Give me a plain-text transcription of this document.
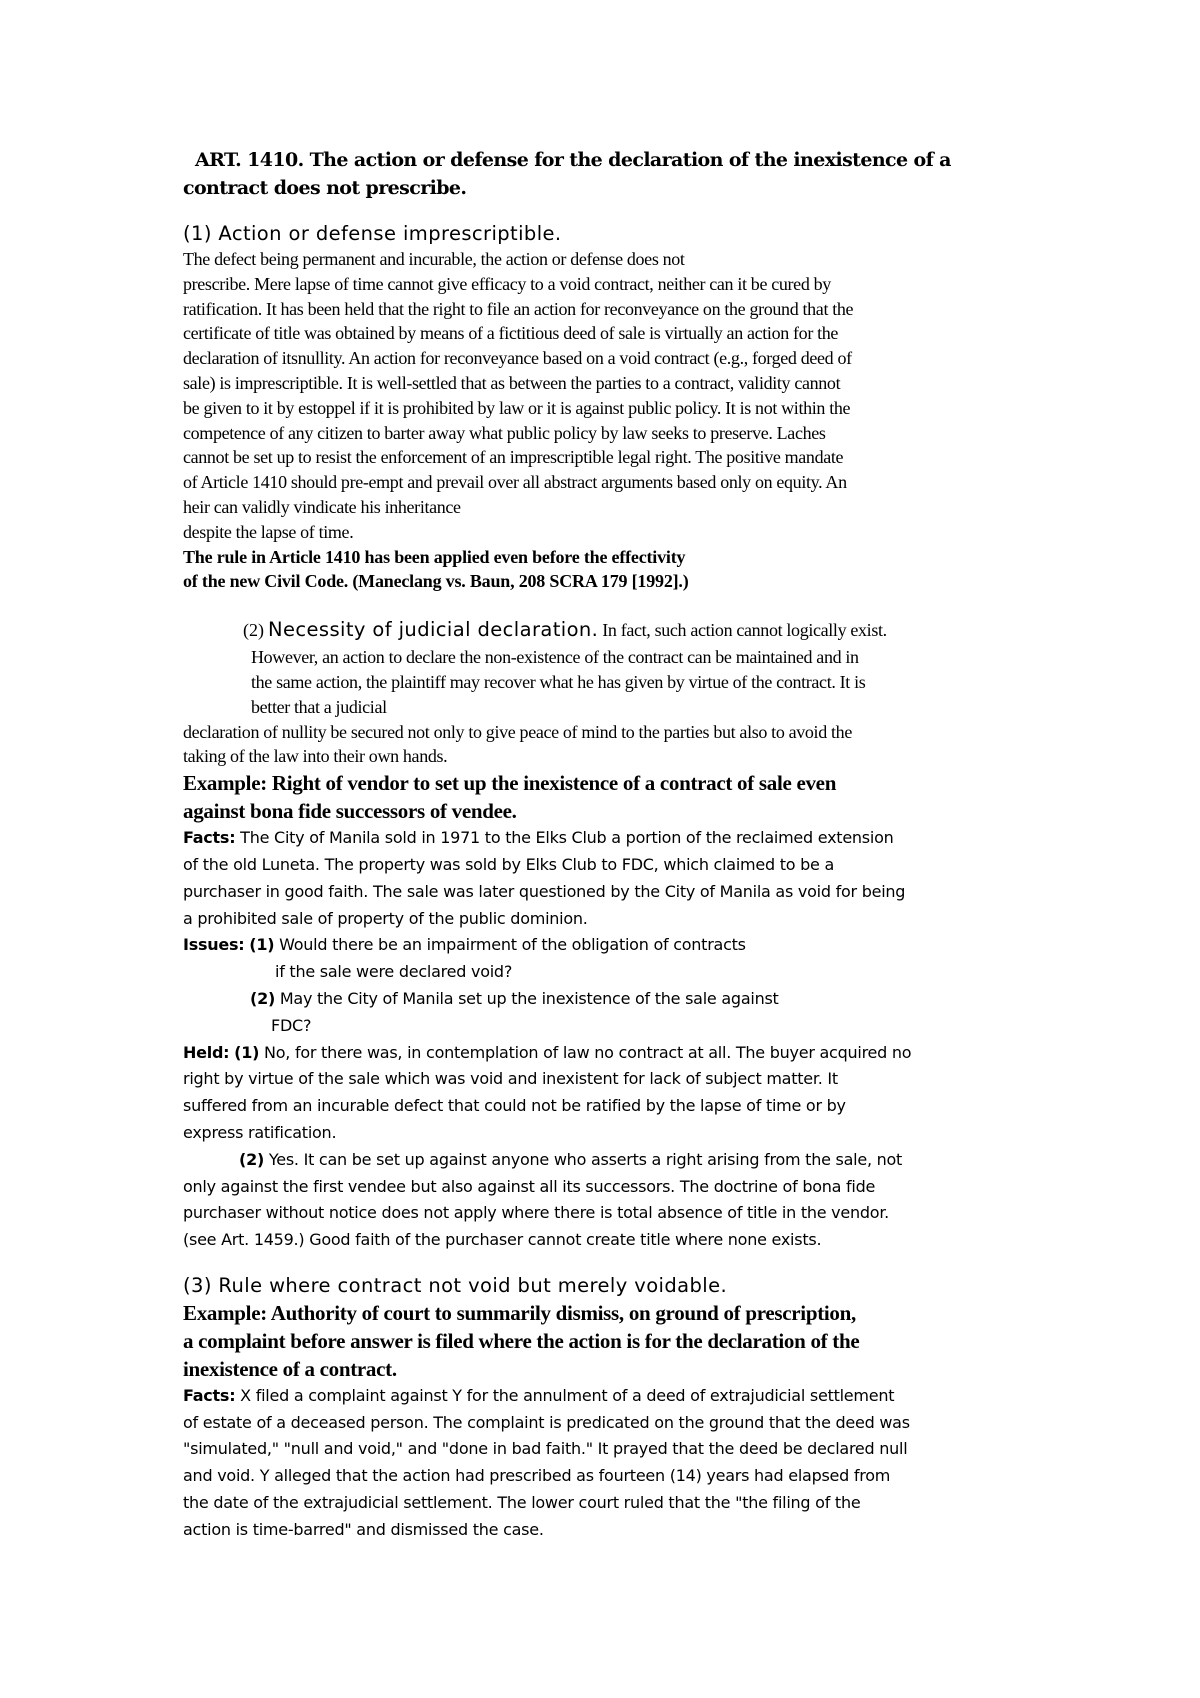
ART. 1410. The action or defense for the declaration of the inexistence of a
contract does not prescribe.
(1) Action or defense imprescriptible.
The defect being permanent and incurable, the action or defense does not
prescribe. Mere lapse of time cannot give efficacy to a void contract, neither can it be cured by
ratification. It has been held that the right to file an action for reconveyance on the ground that the
certificate of title was obtained by means of a fictitious deed of sale is virtually an action for the
declaration of itsnullity. An action for reconveyance based on a void contract (e.g., forged deed of
sale) is imprescriptible. It is well-settled that as between the parties to a contract, validity cannot
be given to it by estoppel if it is prohibited by law or it is against public policy. It is not within the
competence of any citizen to barter away what public policy by law seeks to preserve. Laches
cannot be set up to resist the enforcement of an imprescriptible legal right. The positive mandate
of Article 1410 should pre-empt and prevail over all abstract arguments based only on equity. An
heir can validly vindicate his inheritance
despite the lapse of time.
The rule in Article 1410 has been applied even before the effectivity
of the new Civil Code. (Maneclang vs. Baun, 208 SCRA 179 [1992].)
(2) Necessity of judicial declaration. In fact, such action cannot logically exist.
However, an action to declare the non-existence of the contract can be maintained and in
the same action, the plaintiff may recover what he has given by virtue of the contract. It is
better that a judicial
declaration of nullity be secured not only to give peace of mind to the parties but also to avoid the
taking of the law into their own hands.
Example: Right of vendor to set up the inexistence of a contract of sale even
against bona fide successors of vendee.
Facts: The City of Manila sold in 1971 to the Elks Club a portion of the reclaimed extension
of the old Luneta. The property was sold by Elks Club to FDC, which claimed to be a
purchaser in good faith. The sale was later questioned by the City of Manila as void for being
a prohibited sale of property of the public dominion.
Issues: (1) Would there be an impairment of the obligation of contracts
if the sale were declared void?
(2) May the City of Manila set up the inexistence of the sale against
FDC?
Held: (1) No, for there was, in contemplation of law no contract at all. The buyer acquired no
right by virtue of the sale which was void and inexistent for lack of subject matter. It
suffered from an incurable defect that could not be ratified by the lapse of time or by
express ratification.
(2) Yes. It can be set up against anyone who asserts a right arising from the sale, not
only against the first vendee but also against all its successors. The doctrine of bona fide
purchaser without notice does not apply where there is total absence of title in the vendor.
(see Art. 1459.) Good faith of the purchaser cannot create title where none exists.
(3) Rule where contract not void but merely voidable.
Example: Authority of court to summarily dismiss, on ground of prescription,
a complaint before answer is filed where the action is for the declaration of the
inexistence of a contract.
Facts: X filed a complaint against Y for the annulment of a deed of extrajudicial settlement
of estate of a deceased person. The complaint is predicated on the ground that the deed was
"simulated," "null and void," and "done in bad faith." It prayed that the deed be declared null
and void. Y alleged that the action had prescribed as fourteen (14) years had elapsed from
the date of the extrajudicial settlement. The lower court ruled that the "the filing of the
action is time-barred" and dismissed the case.
